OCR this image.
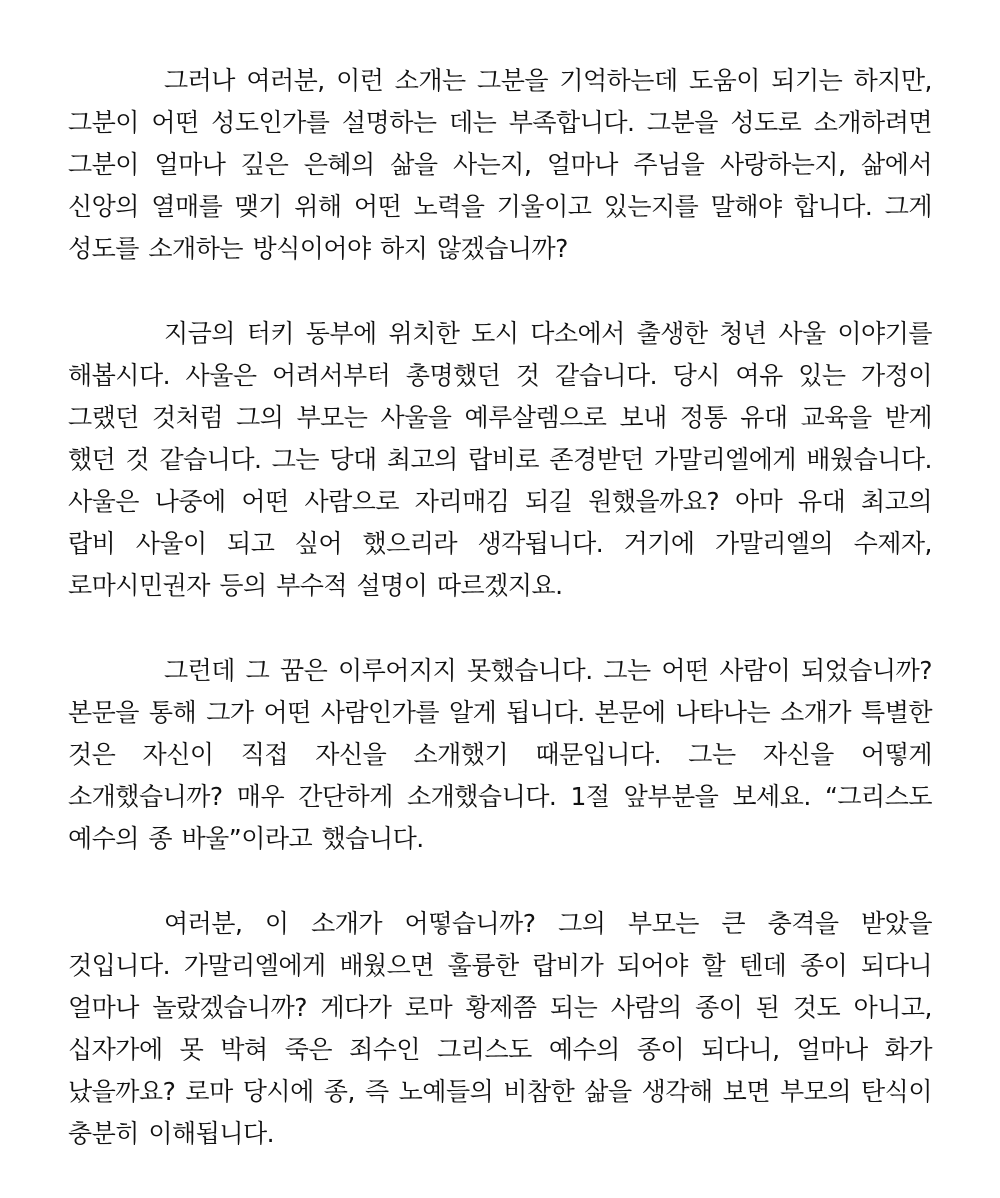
그러나 여러분, 이런 소개는 그분을 기억하는데 도움이 되기는 하지만, 그분이 어떤 성도인가를 설명하는 데는 부족합니다. 그분을 성도로 소개하려면 그분이 얼마나 깊은 은혜의 삶을 사는지, 얼마나 주님을 사랑하는지, 삶에서 신앙의 열매를 맺기 위해 어떤 노력을 기울이고 있는지를 말해야 합니다. 그게 성도를 소개하는 방식이어야 하지 않겠습니까?

지금의 터키 동부에 위치한 도시 다소에서 출생한 청년 사울 이야기를 해봅시다. 사울은 어려서부터 총명했던 것 같습니다. 당시 여유 있는 가정이 그랬던 것처럼 그의 부모는 사울을 예루살렘으로 보내 정통 유대 교육을 받게 했던 것 같습니다. 그는 당대 최고의 랍비로 존경받던 가말리엘에게 배웠습니다. 사울은 나중에 어떤 사람으로 자리매김 되길 원했을까요? 아마 유대 최고의 랍비 사울이 되고 싶어 했으리라 생각됩니다. 거기에 가말리엘의 수제자, 로마시민권자 등의 부수적 설명이 따르겠지요.

그런데 그 꿈은 이루어지지 못했습니다. 그는 어떤 사람이 되었습니까? 본문을 통해 그가 어떤 사람인가를 알게 됩니다. 본문에 나타나는 소개가 특별한 것은 자신이 직접 자신을 소개했기 때문입니다. 그는 자신을 어떻게 소개했습니까? 매우 간단하게 소개했습니다. 1절 앞부분을 보세요. “그리스도 예수의 종 바울”이라고 했습니다.

여러분, 이 소개가 어떻습니까? 그의 부모는 큰 충격을 받았을 것입니다. 가말리엘에게 배웠으면 훌륭한 랍비가 되어야 할 텐데 종이 되다니 얼마나 놀랐겠습니까? 게다가 로마 황제쯤 되는 사람의 종이 된 것도 아니고, 십자가에 못 박혀 죽은 죄수인 그리스도 예수의 종이 되다니, 얼마나 화가 났을까요? 로마 당시에 종, 즉 노예들의 비참한 삶을 생각해 보면 부모의 탄식이 충분히 이해됩니다.
